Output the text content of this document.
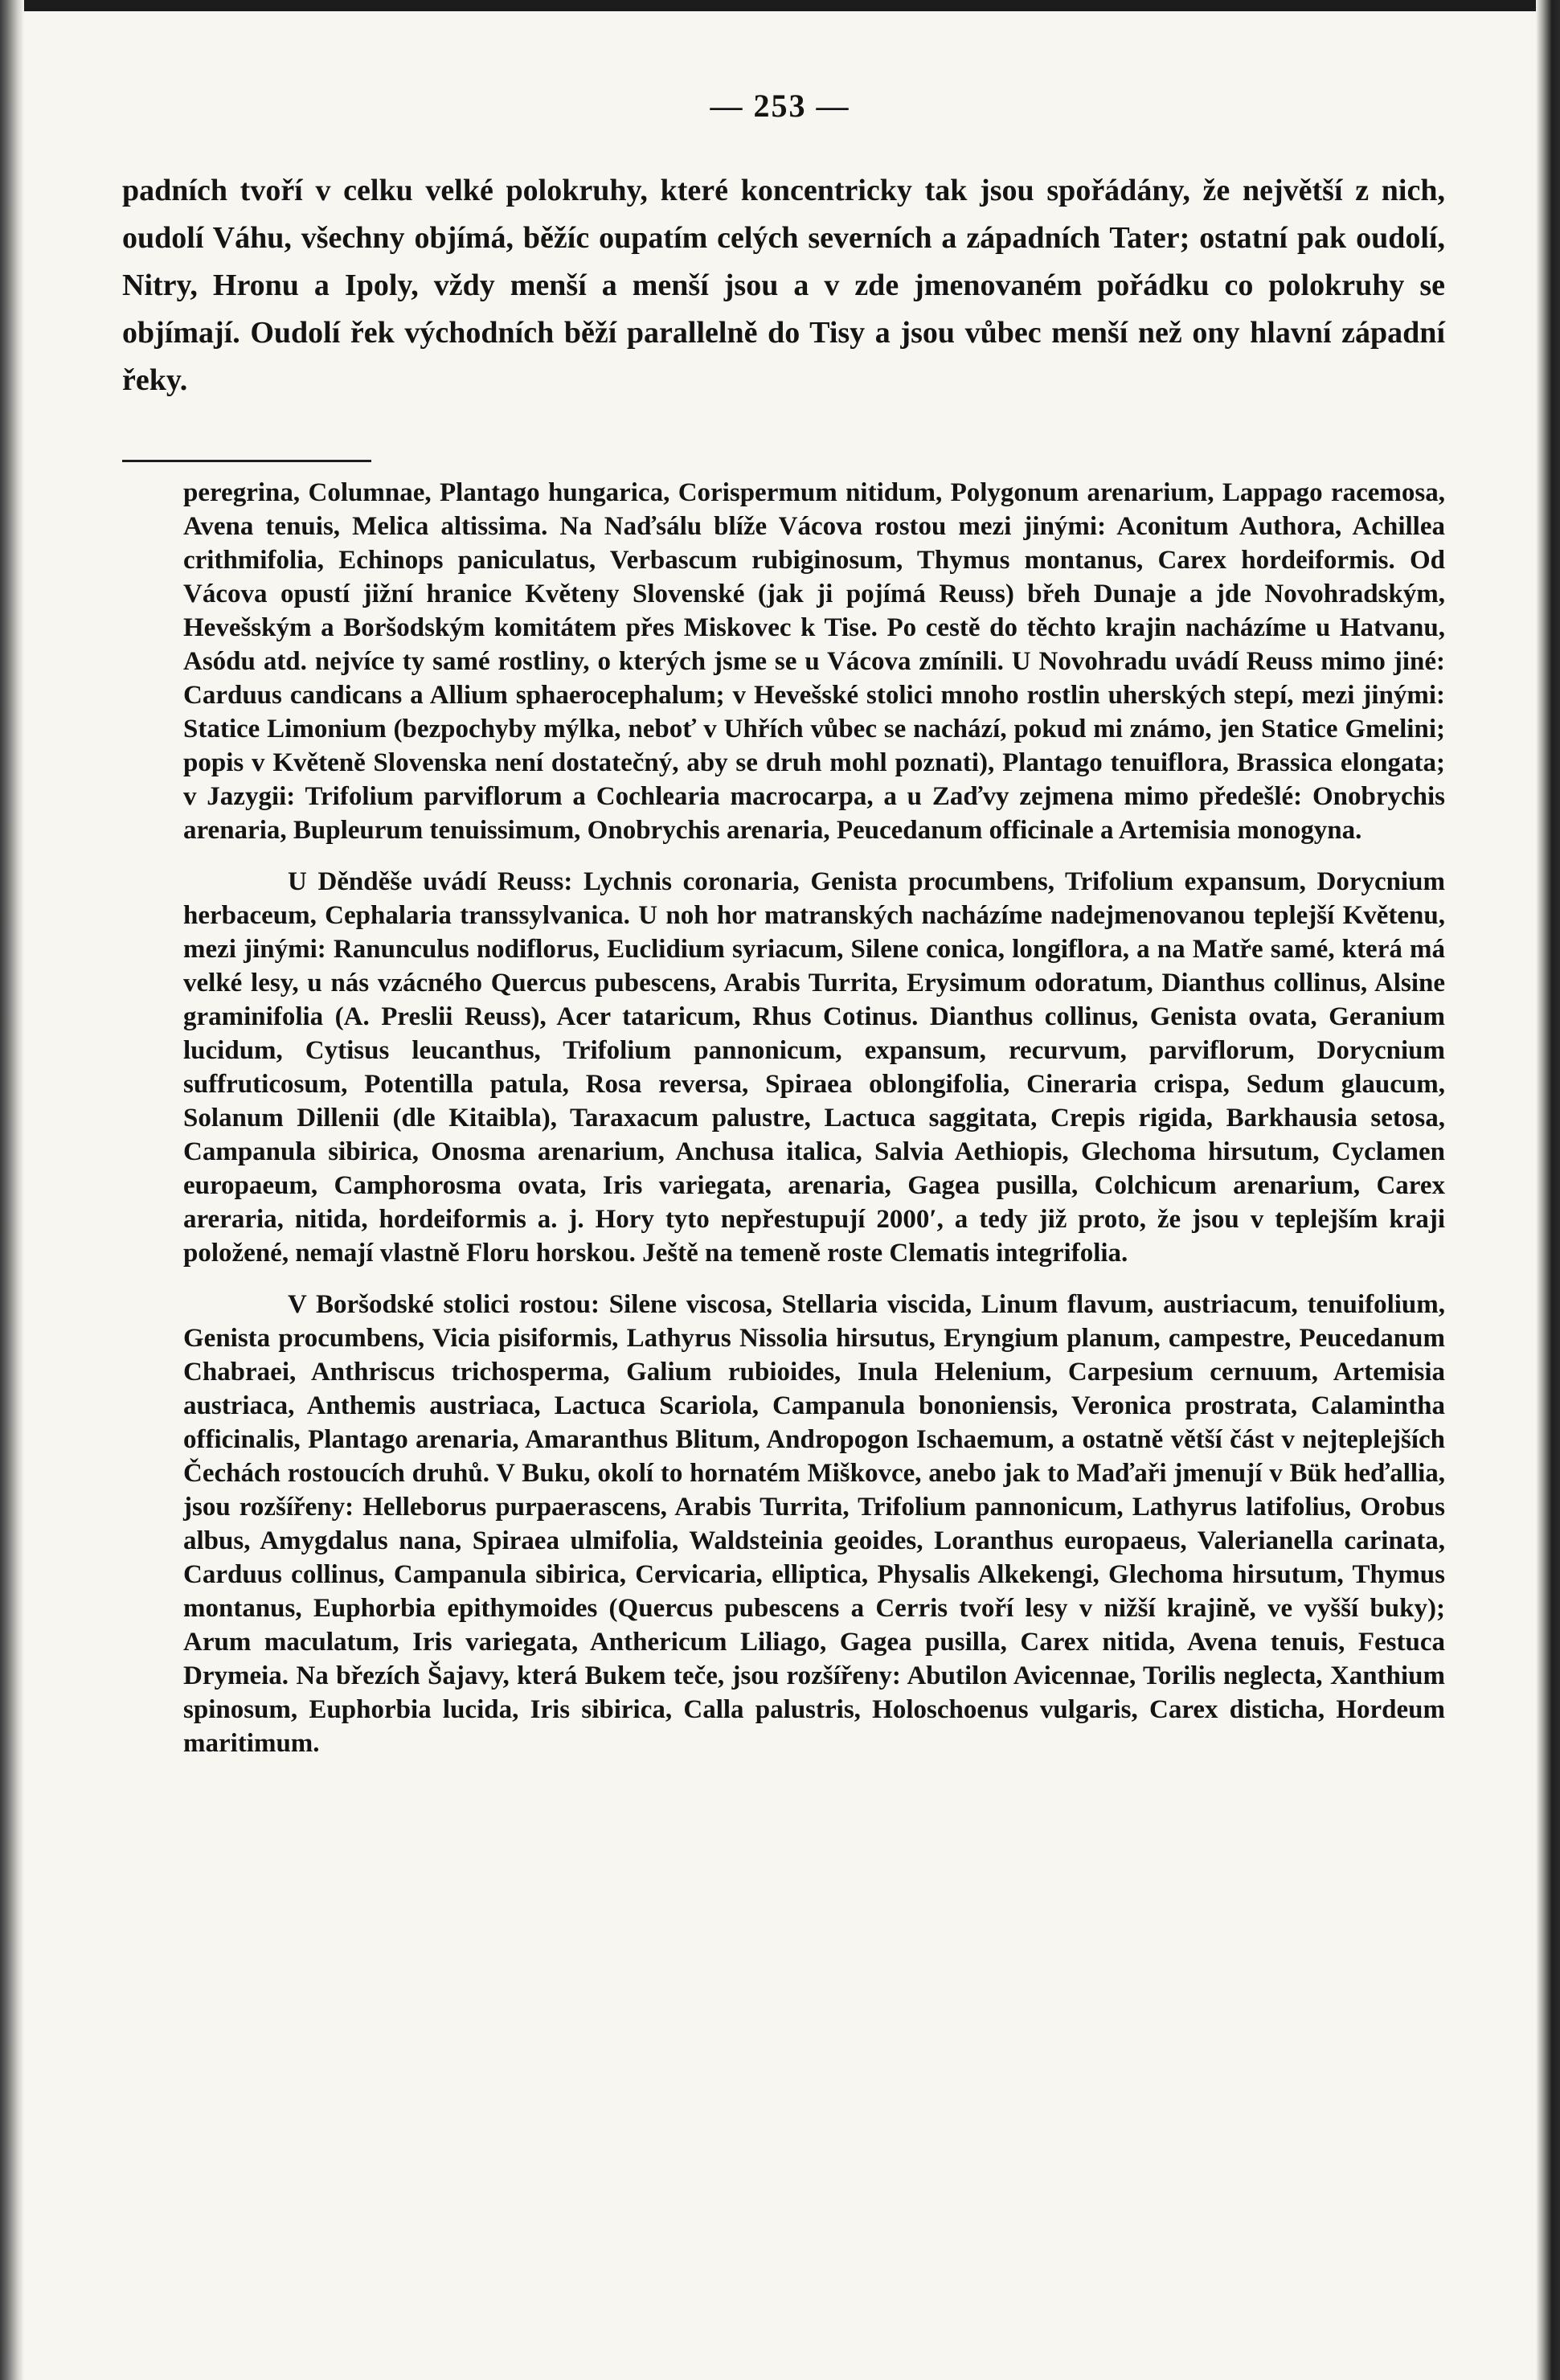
— 253 —

padních tvoří v celku velké polokruhy, které koncentricky tak jsou spořádány, že největší z nich, oudolí Váhu, všechny objímá, běžíc oupatím celých severních a západních Tater; ostatní pak oudolí, Nitry, Hronu a Ipoly, vždy menší a menší jsou a v zde jmenovaném pořádku co polokruhy se objímají. Oudolí řek východních běží parallelně do Tisy a jsou vůbec menší než ony hlavní západní řeky.

peregrina, Columnae, Plantago hungarica, Corispermum nitidum, Polygonum arenarium, Lappago racemosa, Avena tenuis, Melica altissima. Na Naďsálu blíže Vácova rostou mezi jinými: Aconitum Authora, Achillea crithmifolia, Echinops paniculatus, Verbascum rubiginosum, Thymus montanus, Carex hordeiformis. Od Vácova opustí jižní hranice Květeny Slovenské (jak ji pojímá Reuss) břeh Dunaje a jde Novohradským, Hevešským a Boršodským komitátem přes Miskovec k Tise. Po cestě do těchto krajin nacházíme u Hatvanu, Asódu atd. nejvíce ty samé rostliny, o kterých jsme se u Vácova zmínili. U Novohradu uvádí Reuss mimo jiné: Carduus candicans a Allium sphaerocephalum; v Hevešské stolici mnoho rostlin uherských stepí, mezi jinými: Statice Limonium (bezpochyby mýlka, neboť v Uhřích vůbec se nachází, pokud mi známo, jen Statice Gmelini; popis v Květeně Slovenska není dostatečný, aby se druh mohl poznati), Plantago tenuiflora, Brassica elongata; v Jazygii: Trifolium parviflorum a Cochlearia macrocarpa, a u Zaďvy zejmena mimo předešlé: Onobrychis arenaria, Bupleurum tenuissimum, Onobrychis arenaria, Peucedanum officinale a Artemisia monogyna.

U Děnděše uvádí Reuss: Lychnis coronaria, Genista procumbens, Trifolium expansum, Dorycnium herbaceum, Cephalaria transsylvanica. U noh hor matranských nacházíme nadejmenovanou teplejší Květenu, mezi jinými: Ranunculus nodiflorus, Euclidium syriacum, Silene conica, longiflora, a na Matře samé, která má velké lesy, u nás vzácného Quercus pubescens, Arabis Turrita, Erysimum odoratum, Dianthus collinus, Alsine graminifolia (A. Preslii Reuss), Acer tataricum, Rhus Cotinus. Dianthus collinus, Genista ovata, Geranium lucidum, Cytisus leucanthus, Trifolium pannonicum, expansum, recurvum, parviflorum, Dorycnium suffruticosum, Potentilla patula, Rosa reversa, Spiraea oblongifolia, Cineraria crispa, Sedum glaucum, Solanum Dillenii (dle Kitaibla), Taraxacum palustre, Lactuca saggitata, Crepis rigida, Barkhausia setosa, Campanula sibirica, Onosma arenarium, Anchusa italica, Salvia Aethiopis, Glechoma hirsutum, Cyclamen europaeum, Camphorosma ovata, Iris variegata, arenaria, Gagea pusilla, Colchicum arenarium, Carex areraria, nitida, hordeiformis a. j. Hory tyto nepřestupují 2000′, a tedy již proto, že jsou v teplejším kraji položené, nemají vlastně Floru horskou. Ještě na temeně roste Clematis integrifolia.

V Boršodské stolici rostou: Silene viscosa, Stellaria viscida, Linum flavum, austriacum, tenuifolium, Genista procumbens, Vicia pisiformis, Lathyrus Nissolia hirsutus, Eryngium planum, campestre, Peucedanum Chabraei, Anthriscus trichosperma, Galium rubioides, Inula Helenium, Carpesium cernuum, Artemisia austriaca, Anthemis austriaca, Lactuca Scariola, Campanula bononiensis, Veronica prostrata, Calamintha officinalis, Plantago arenaria, Amaranthus Blitum, Andropogon Ischaemum, a ostatně větší část v nejteplejších Čechách rostoucích druhů. V Buku, okolí to hornatém Miškovce, anebo jak to Maďaři jmenují v Bük heďallia, jsou rozšířeny: Helleborus purpaerascens, Arabis Turrita, Trifolium pannonicum, Lathyrus latifolius, Orobus albus, Amygdalus nana, Spiraea ulmifolia, Waldsteinia geoides, Loranthus europaeus, Valerianella carinata, Carduus collinus, Campanula sibirica, Cervicaria, elliptica, Physalis Alkekengi, Glechoma hirsutum, Thymus montanus, Euphorbia epithymoides (Quercus pubescens a Cerris tvoří lesy v nižší krajině, ve vyšší buky); Arum maculatum, Iris variegata, Anthericum Liliago, Gagea pusilla, Carex nitida, Avena tenuis, Festuca Drymeia. Na březích Šajavy, která Bukem teče, jsou rozšířeny: Abutilon Avicennae, Torilis neglecta, Xanthium spinosum, Euphorbia lucida, Iris sibirica, Calla palustris, Holoschoenus vulgaris, Carex disticha, Hordeum maritimum.
